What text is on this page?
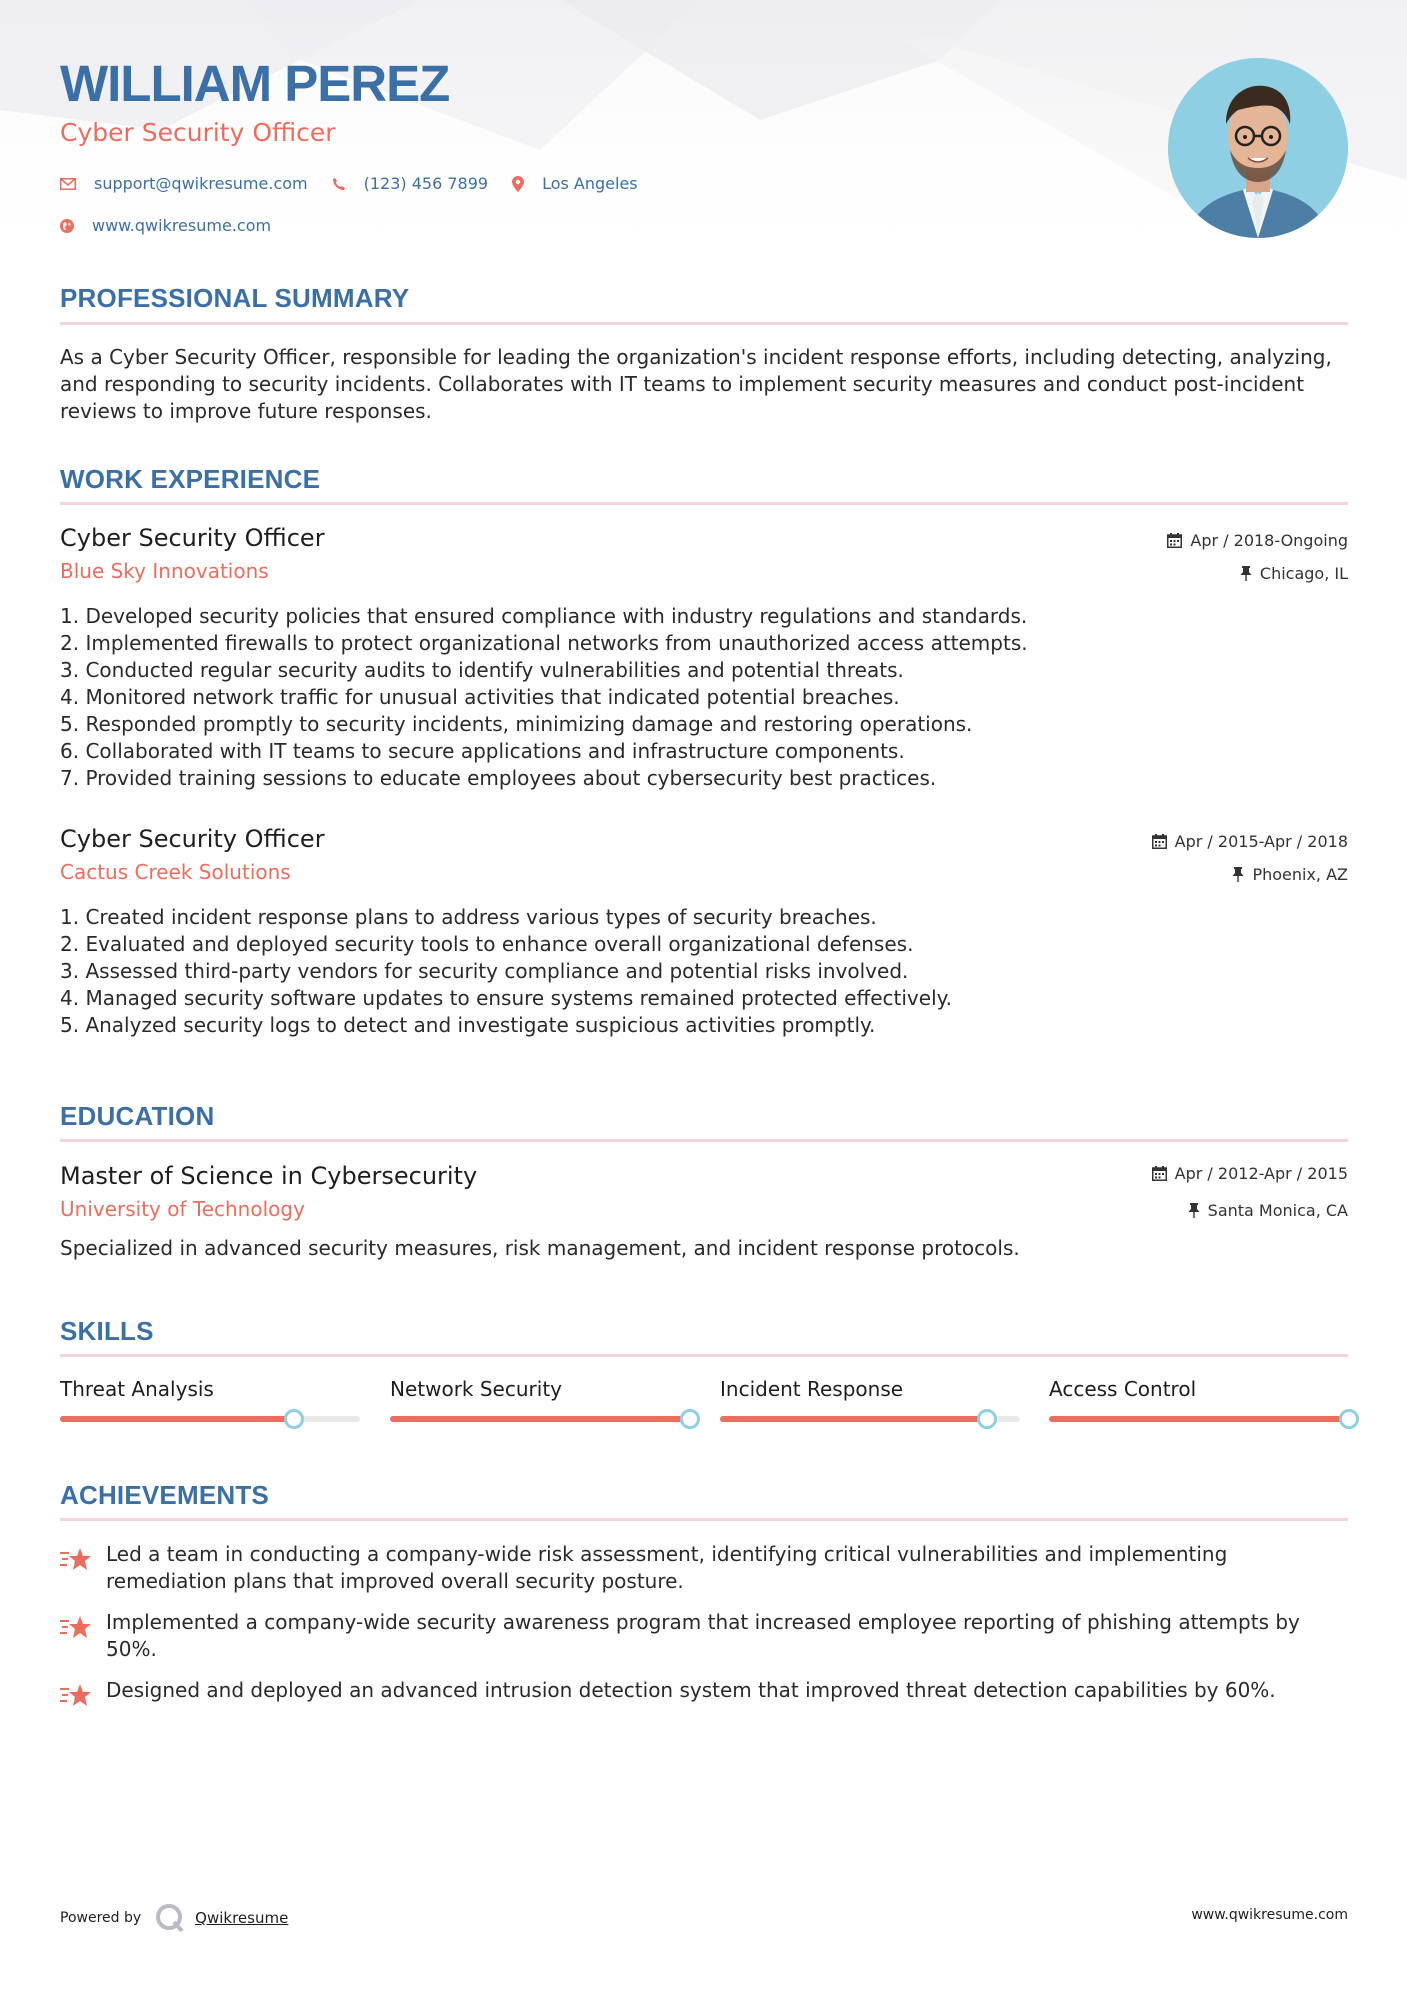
WILLIAM PEREZ
Cyber Security Officer
support@qwikresume.com	(123) 456 7899	Los Angeles
www.qwikresume.com
PROFESSIONAL SUMMARY
As a Cyber Security Officer, responsible for leading the organization's incident response efforts, including detecting, analyzing, and responding to security incidents. Collaborates with IT teams to implement security measures and conduct post-incident reviews to improve future responses.
WORK EXPERIENCE
Cyber Security Officer
Blue Sky Innovations
Apr / 2018-Ongoing
Chicago, IL
1. Developed security policies that ensured compliance with industry regulations and standards.
2. Implemented firewalls to protect organizational networks from unauthorized access attempts.
3. Conducted regular security audits to identify vulnerabilities and potential threats.
4. Monitored network traffic for unusual activities that indicated potential breaches.
5. Responded promptly to security incidents, minimizing damage and restoring operations.
6. Collaborated with IT teams to secure applications and infrastructure components.
7. Provided training sessions to educate employees about cybersecurity best practices.
Cyber Security Officer
Cactus Creek Solutions
Apr / 2015-Apr / 2018
Phoenix, AZ
1. Created incident response plans to address various types of security breaches.
2. Evaluated and deployed security tools to enhance overall organizational defenses.
3. Assessed third-party vendors for security compliance and potential risks involved.
4. Managed security software updates to ensure systems remained protected effectively.
5. Analyzed security logs to detect and investigate suspicious activities promptly.
EDUCATION
Master of Science in Cybersecurity
University of Technology
Apr / 2012-Apr / 2015
Santa Monica, CA
Specialized in advanced security measures, risk management, and incident response protocols.
SKILLS
Threat Analysis	Network Security	Incident Response	Access Control
ACHIEVEMENTS
Led a team in conducting a company-wide risk assessment, identifying critical vulnerabilities and implementing remediation plans that improved overall security posture.
Implemented a company-wide security awareness program that increased employee reporting of phishing attempts by 50%.
Designed and deployed an advanced intrusion detection system that improved threat detection capabilities by 60%.
Powered by	Qwikresume	www.qwikresume.com
